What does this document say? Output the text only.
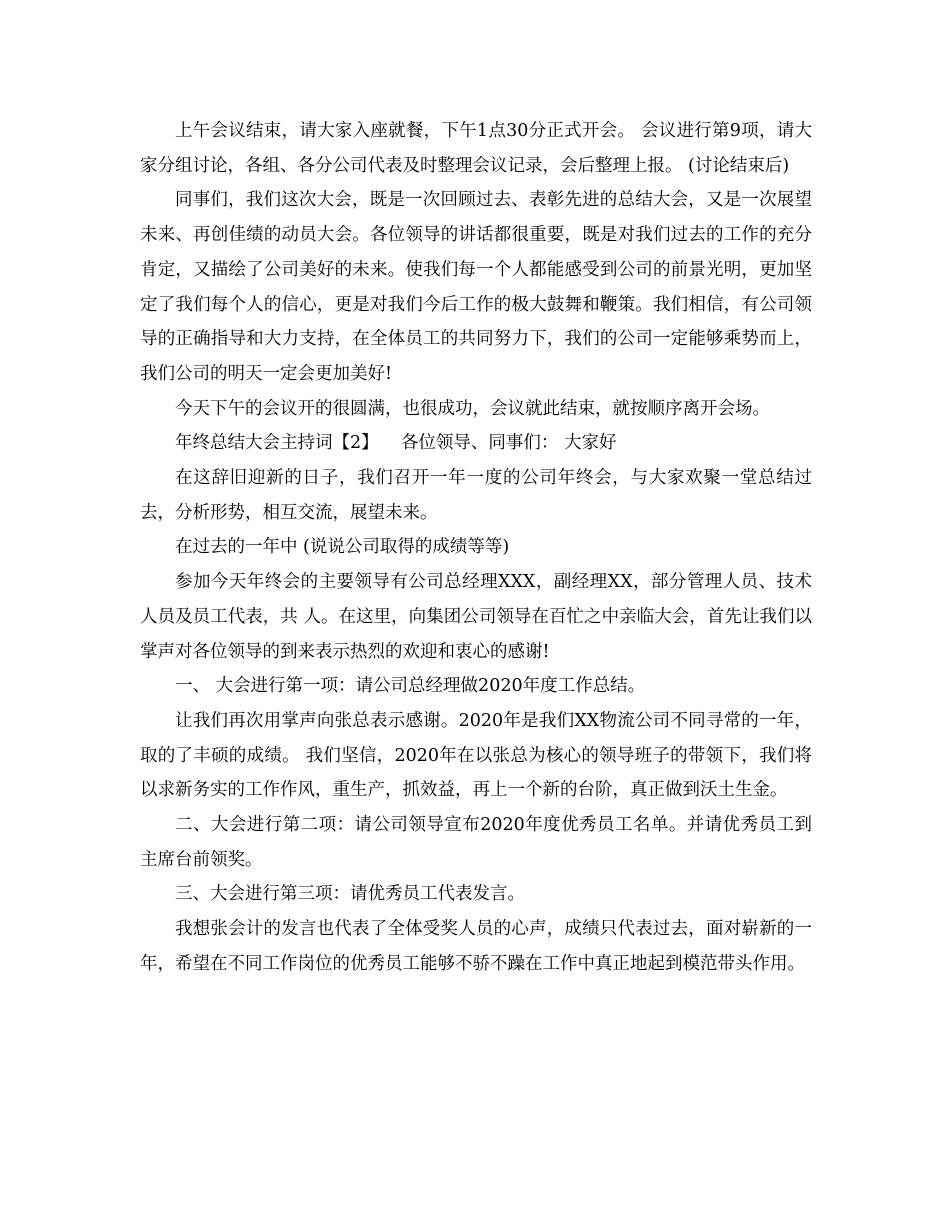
上午会议结束，请大家入座就餐，下午1点30分正式开会。 会议进行第9项，请大家分组讨论，各组、各分公司代表及时整理会议记录，会后整理上报。 (讨论结束后)

同事们，我们这次大会，既是一次回顾过去、表彰先进的总结大会，又是一次展望未来、再创佳绩的动员大会。各位领导的讲话都很重要，既是对我们过去的工作的充分肯定，又描绘了公司美好的未来。使我们每一个人都能感受到公司的前景光明，更加坚定了我们每个人的信心，更是对我们今后工作的极大鼓舞和鞭策。我们相信，有公司领导的正确指导和大力支持，在全体员工的共同努力下，我们的公司一定能够乘势而上，我们公司的明天一定会更加美好!

今天下午的会议开的很圆满，也很成功，会议就此结束，就按顺序离开会场。

年终总结大会主持词【2】    各位领导、同事们： 大家好

在这辞旧迎新的日子，我们召开一年一度的公司年终会，与大家欢聚一堂总结过去，分析形势，相互交流，展望未来。

在过去的一年中 (说说公司取得的成绩等等)

参加今天年终会的主要领导有公司总经理XXX，副经理XX，部分管理人员、技术人员及员工代表，共 人。在这里，向集团公司领导在百忙之中亲临大会，首先让我们以掌声对各位领导的到来表示热烈的欢迎和衷心的感谢!

一、 大会进行第一项：请公司总经理做2020年度工作总结。

让我们再次用掌声向张总表示感谢。2020年是我们XX物流公司不同寻常的一年，取的了丰硕的成绩。 我们坚信，2020年在以张总为核心的领导班子的带领下，我们将以求新务实的工作作风，重生产，抓效益，再上一个新的台阶，真正做到沃土生金。

二、大会进行第二项：请公司领导宣布2020年度优秀员工名单。并请优秀员工到主席台前领奖。

三、大会进行第三项：请优秀员工代表发言。

我想张会计的发言也代表了全体受奖人员的心声，成绩只代表过去，面对崭新的一年，希望在不同工作岗位的优秀员工能够不骄不躁在工作中真正地起到模范带头作用。
